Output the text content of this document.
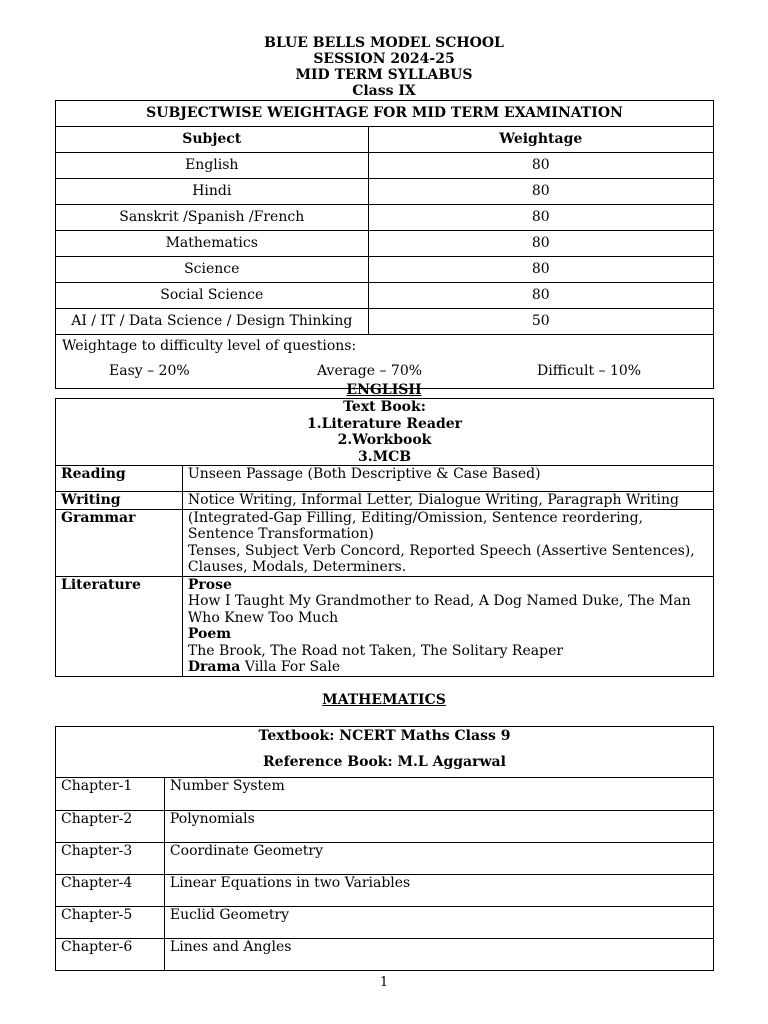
BLUE BELLS MODEL SCHOOL
SESSION 2024-25
MID TERM SYLLABUS
Class IX
SUBJECTWISE WEIGHTAGE FOR MID TERM EXAMINATION	
Subject	Weightage
English	80
Hindi	80
Sanskrit /Spanish /French	80
Mathematics	80
Science	80
Social Science	80
AI / IT / Data Science / Design Thinking	50

Weightage to difficulty level of questions:
Easy – 20% Average – 70% Difficult – 10%	
ENGLISH
Text Book:
1.Literature Reader
2.Workbook
3.MCB	

Reading	Unseen Passage (Both Descriptive & Case Based)
Writing	Notice Writing, Informal Letter, Dialogue Writing, Paragraph Writing
Grammar	(Integrated-Gap Filling, Editing/Omission, Sentence reordering, Sentence Transformation)
Tenses, Subject Verb Concord, Reported Speech (Assertive Sentences), Clauses, Modals, Determiners.

Literature	Prose
How I Taught My Grandmother to Read, A Dog Named Duke, The Man Who Knew Too Much
Poem
The Brook, The Road not Taken, The Solitary Reaper
Drama Villa For Sale
MATHEMATICS
Textbook: NCERT Maths Class 9
Reference Book: M.L Aggarwal	

Chapter-1	Number System
Chapter-2	Polynomials
Chapter-3	Coordinate Geometry
Chapter-4	Linear Equations in two Variables
Chapter-5	Euclid Geometry
Chapter-6	Lines and Angles
1
